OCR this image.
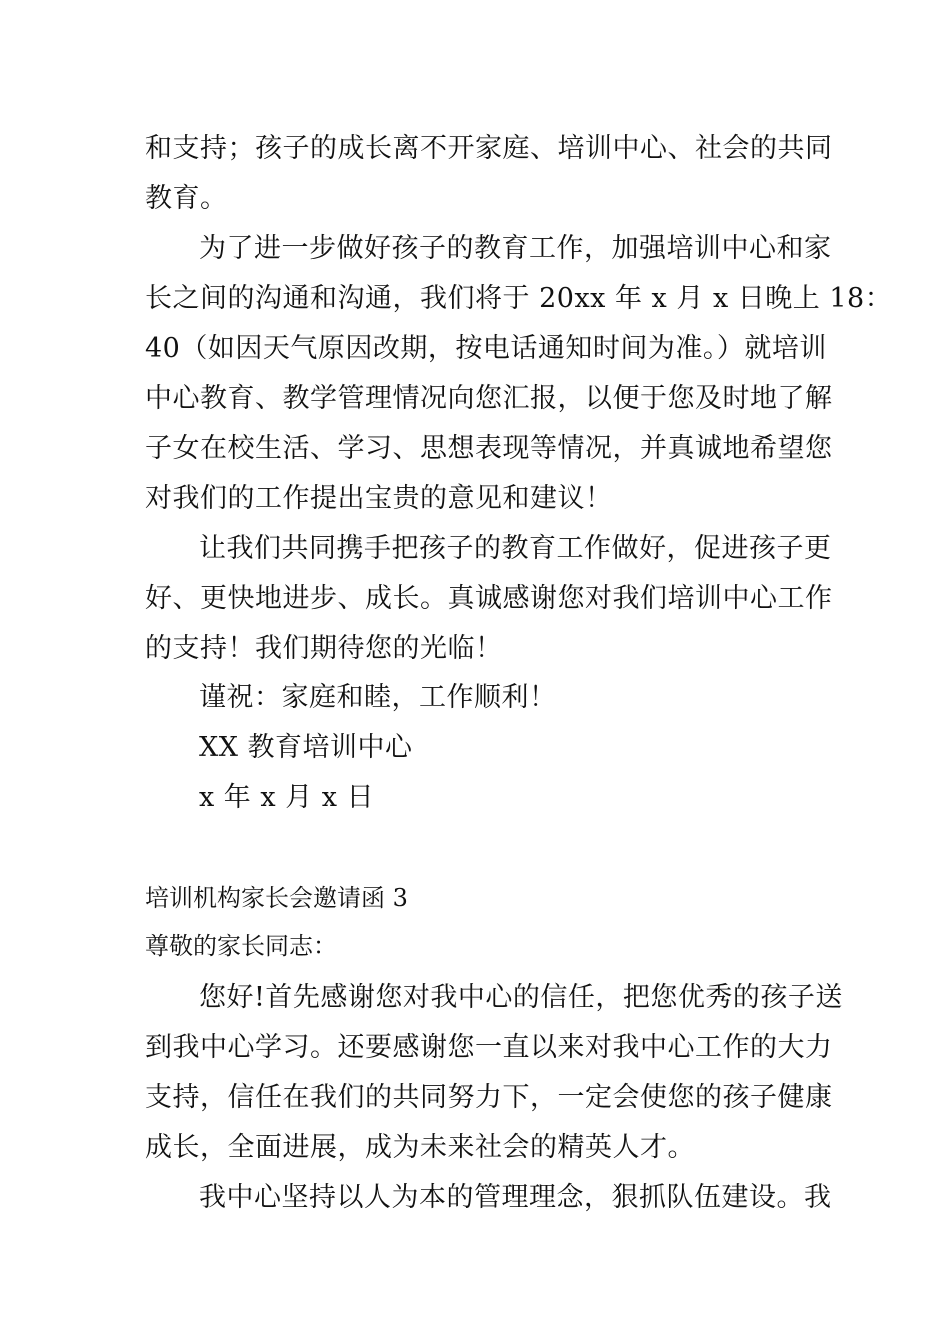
和支持；孩子的成长离不开家庭、培训中心、社会的共同
教育。
为了进一步做好孩子的教育工作，加强培训中心和家
长之间的沟通和沟通，我们将于 20xx 年 x 月 x 日晚上 18：
40（如因天气原因改期，按电话通知时间为准。）就培训
中心教育、教学管理情况向您汇报，以便于您及时地了解
子女在校生活、学习、思想表现等情况，并真诚地希望您
对我们的工作提出宝贵的意见和建议！
让我们共同携手把孩子的教育工作做好，促进孩子更
好、更快地进步、成长。真诚感谢您对我们培训中心工作
的支持！我们期待您的光临！
谨祝：家庭和睦，工作顺利！
XX 教育培训中心
x 年 x 月 x 日
培训机构家长会邀请函 3
尊敬的家长同志：
您好!首先感谢您对我中心的信任，把您优秀的孩子送
到我中心学习。还要感谢您一直以来对我中心工作的大力
支持，信任在我们的共同努力下，一定会使您的孩子健康
成长，全面进展，成为未来社会的精英人才。
我中心坚持以人为本的管理理念，狠抓队伍建设。我
